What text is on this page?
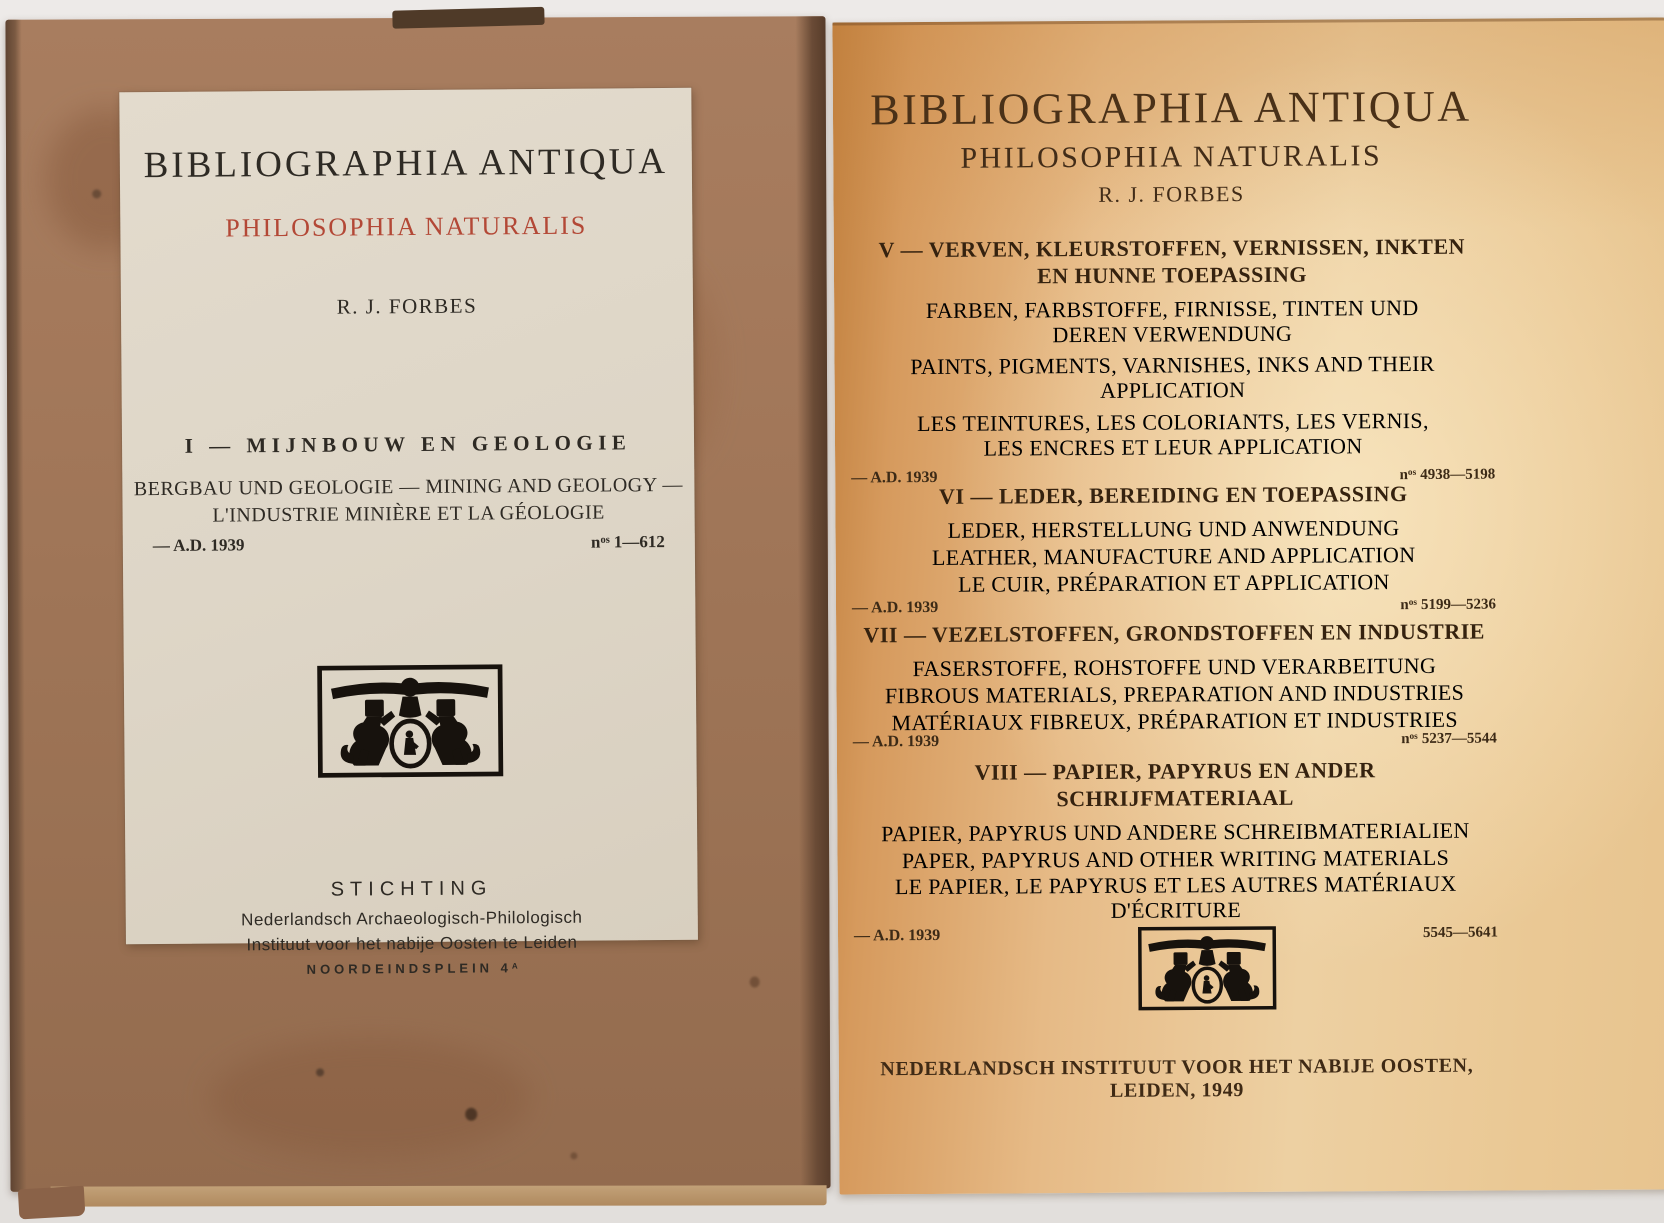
BIBLIOGRAPHIA ANTIQUA
PHILOSOPHIA NATURALIS
R. J. FORBES
I — MIJNBOUW EN GEOLOGIE
BERGBAU UND GEOLOGIE — MINING AND GEOLOGY —
L'INDUSTRIE MINIÈRE ET LA GÉOLOGIE
— A.D. 1939	$n^{os}$ 1—612
STICHTING
Nederlandsch Archaeologisch-Philologisch
Instituut voor het nabije Oosten te Leiden
NOORDEINDSPLEIN $4^A$
BIBLIOGRAPHIA ANTIQUA
PHILOSOPHIA NATURALIS
R. J. FORBES
V — VERVEN, KLEURSTOFFEN, VERNISSEN, INKTEN
EN HUNNE TOEPASSING
FARBEN, FARBSTOFFE, FIRNISSE, TINTEN UND
DEREN VERWENDUNG
PAINTS, PIGMENTS, VARNISHES, INKS AND THEIR
APPLICATION
LES TEINTURES, LES COLORIANTS, LES VERNIS,
LES ENCRES ET LEUR APPLICATION
— A.D. 1939	$n^{os}$ 4938—5198
VI — LEDER, BEREIDING EN TOEPASSING
LEDER, HERSTELLUNG UND ANWENDUNG
LEATHER, MANUFACTURE AND APPLICATION
LE CUIR, PRÉPARATION ET APPLICATION
— A.D. 1939	$n^{os}$ 5199—5236
VII — VEZELSTOFFEN, GRONDSTOFFEN EN INDUSTRIE
FASERSTOFFE, ROHSTOFFE UND VERARBEITUNG
FIBROUS MATERIALS, PREPARATION AND INDUSTRIES
MATÉRIAUX FIBREUX, PRÉPARATION ET INDUSTRIES
— A.D. 1939	$n^{os}$ 5237—5544
VIII — PAPIER, PAPYRUS EN ANDER SCHRIJFMATERIAAL
PAPIER, PAPYRUS UND ANDERE SCHREIBMATERIALIEN
PAPER, PAPYRUS AND OTHER WRITING MATERIALS
LE PAPIER, LE PAPYRUS ET LES AUTRES MATÉRIAUX
D'ÉCRITURE
— A.D. 1939	5545—5641
NEDERLANDSCH INSTITUUT VOOR HET NABIJE OOSTEN, LEIDEN, 1949
